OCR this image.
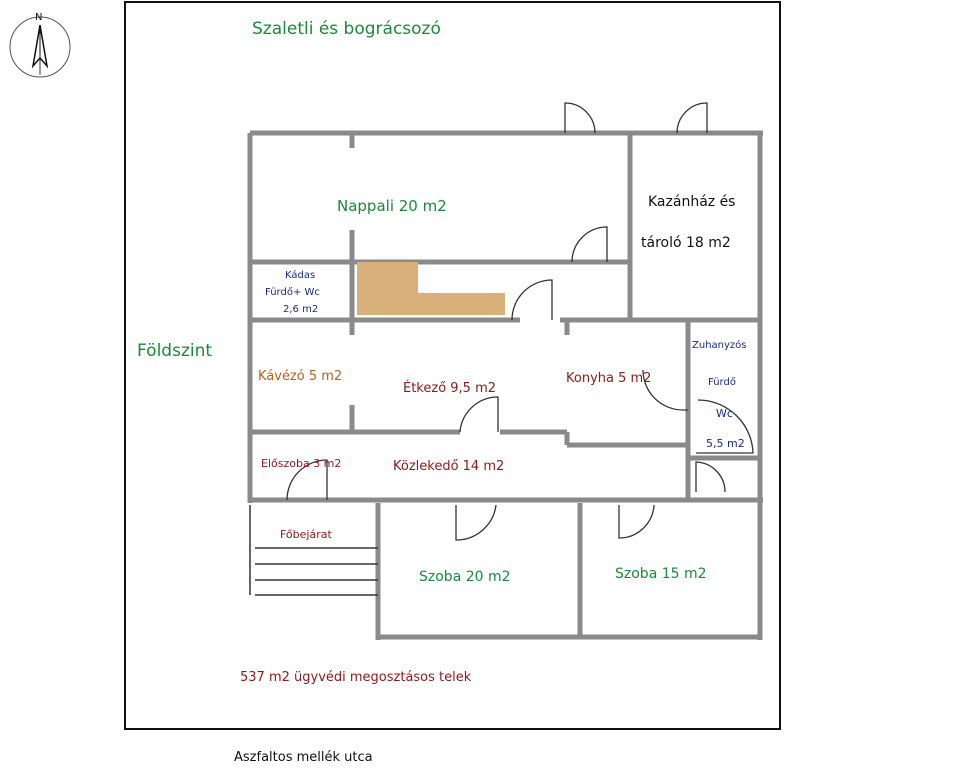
N
Szaletli és bográcsozó
Földszint
Nappali 20 m2	Kazánház és
tároló 18 m2
Kádas
Fürdő+ Wc
2,6 m2
Kávézó 5 m2
Étkező 9,5 m2
Konyha 5 m2
Zuhanyzós
Fürdő
Wc
5,5 m2
Előszoba 3 m2	Közlekedő 14 m2
Főbejárat
Szoba 20 m2	Szoba 15 m2
537 m2 ügyvédi megosztásos telek
Aszfaltos mellék utca
